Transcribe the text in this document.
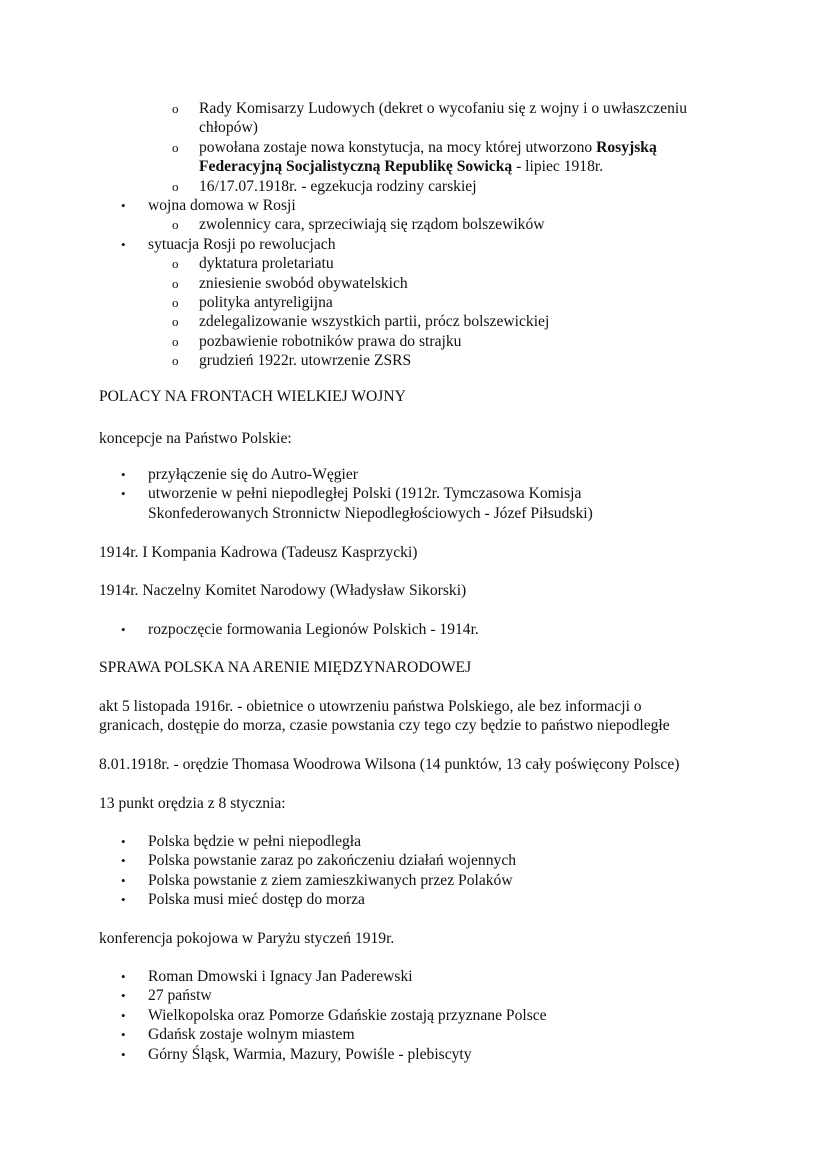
o Rady Komisarzy Ludowych (dekret o wycofaniu się z wojny i o uwłaszczeniu
chłopów)
o powołana zostaje nowa konstytucja, na mocy której utworzono Rosyjską
Federacyjną Socjalistyczną Republikę Sowicką - lipiec 1918r.
o 16/17.07.1918r. - egzekucja rodziny carskiej
• wojna domowa w Rosji
o zwolennicy cara, sprzeciwiają się rządom bolszewików
• sytuacja Rosji po rewolucjach
o dyktatura proletariatu
o zniesienie swobód obywatelskich
o polityka antyreligijna
o zdelegalizowanie wszystkich partii, prócz bolszewickiej
o pozbawienie robotników prawa do strajku
o grudzień 1922r. utowrzenie ZSRS
POLACY NA FRONTACH WIELKIEJ WOJNY
koncepcje na Państwo Polskie:
• przyłączenie się do Autro-Węgier
• utworzenie w pełni niepodległej Polski (1912r. Tymczasowa Komisja
Skonfederowanych Stronnictw Niepodległościowych - Józef Piłsudski)
1914r. I Kompania Kadrowa (Tadeusz Kasprzycki)
1914r. Naczelny Komitet Narodowy (Władysław Sikorski)
• rozpoczęcie formowania Legionów Polskich - 1914r.
SPRAWA POLSKA NA ARENIE MIĘDZYNARODOWEJ
akt 5 listopada 1916r. - obietnice o utowrzeniu państwa Polskiego, ale bez informacji o
granicach, dostępie do morza, czasie powstania czy tego czy będzie to państwo niepodległe
8.01.1918r. - orędzie Thomasa Woodrowa Wilsona (14 punktów, 13 cały poświęcony Polsce)
13 punkt orędzia z 8 stycznia:
• Polska będzie w pełni niepodległa
• Polska powstanie zaraz po zakończeniu działań wojennych
• Polska powstanie z ziem zamieszkiwanych przez Polaków
• Polska musi mieć dostęp do morza
konferencja pokojowa w Paryżu styczeń 1919r.
• Roman Dmowski i Ignacy Jan Paderewski
• 27 państw
• Wielkopolska oraz Pomorze Gdańskie zostają przyznane Polsce
• Gdańsk zostaje wolnym miastem
• Górny Śląsk, Warmia, Mazury, Powiśle - plebiscyty
